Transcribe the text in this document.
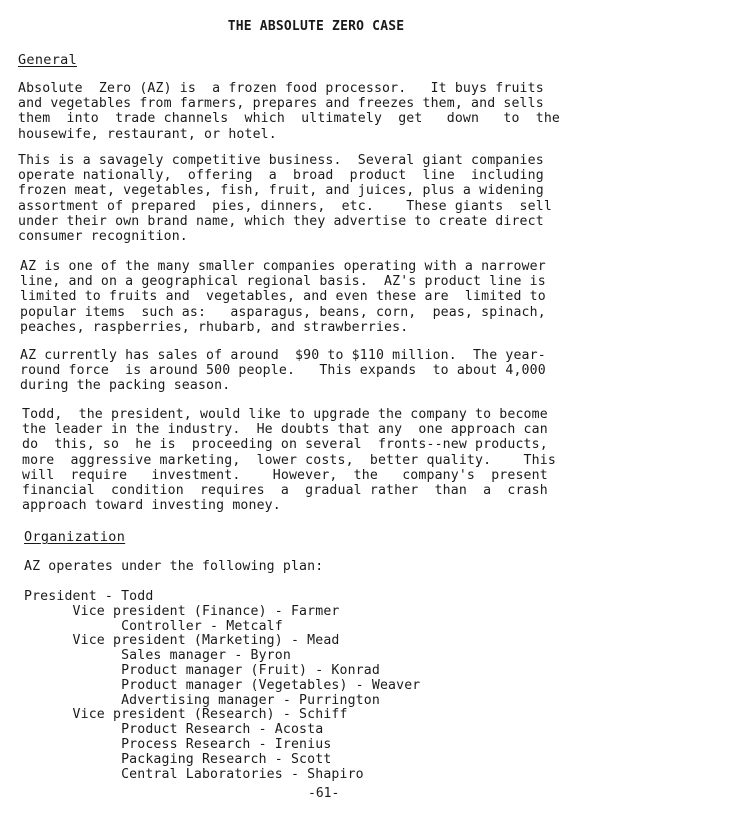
THE ABSOLUTE ZERO CASE
General
Absolute  Zero (AZ) is  a frozen food processor.   It buys fruits
and vegetables from farmers, prepares and freezes them, and sells
them  into  trade channels  which  ultimately  get   down   to  the
housewife, restaurant, or hotel.
This is a savagely competitive business.  Several giant companies
operate nationally,  offering  a  broad  product  line  including
frozen meat, vegetables, fish, fruit, and juices, plus a widening
assortment of prepared  pies, dinners,  etc.    These giants  sell
under their own brand name, which they advertise to create direct
consumer recognition.
AZ is one of the many smaller companies operating with a narrower
line, and on a geographical regional basis.  AZ's product line is
limited to fruits and  vegetables, and even these are  limited to
popular items  such as:   asparagus, beans, corn,  peas, spinach,
peaches, raspberries, rhubarb, and strawberries.
AZ currently has sales of around  $90 to $110 million.  The year-
round force  is around 500 people.   This expands  to about 4,000
during the packing season.
Todd,  the president, would like to upgrade the company to become
the leader in the industry.  He doubts that any  one approach can
do  this, so  he is  proceeding on several  fronts--new products,
more  aggressive marketing,  lower costs,  better quality.    This
will  require   investment.    However,  the   company's  present
financial  condition  requires  a  gradual rather  than  a  crash
approach toward investing money.
Organization
AZ operates under the following plan:
President - Todd
Vice president (Finance) - Farmer
Controller - Metcalf
Vice president (Marketing) - Mead
Sales manager - Byron
Product manager (Fruit) - Konrad
Product manager (Vegetables) - Weaver
Advertising manager - Purrington
Vice president (Research) - Schiff
Product Research - Acosta
Process Research - Irenius
Packaging Research - Scott
Central Laboratories - Shapiro
-61-
